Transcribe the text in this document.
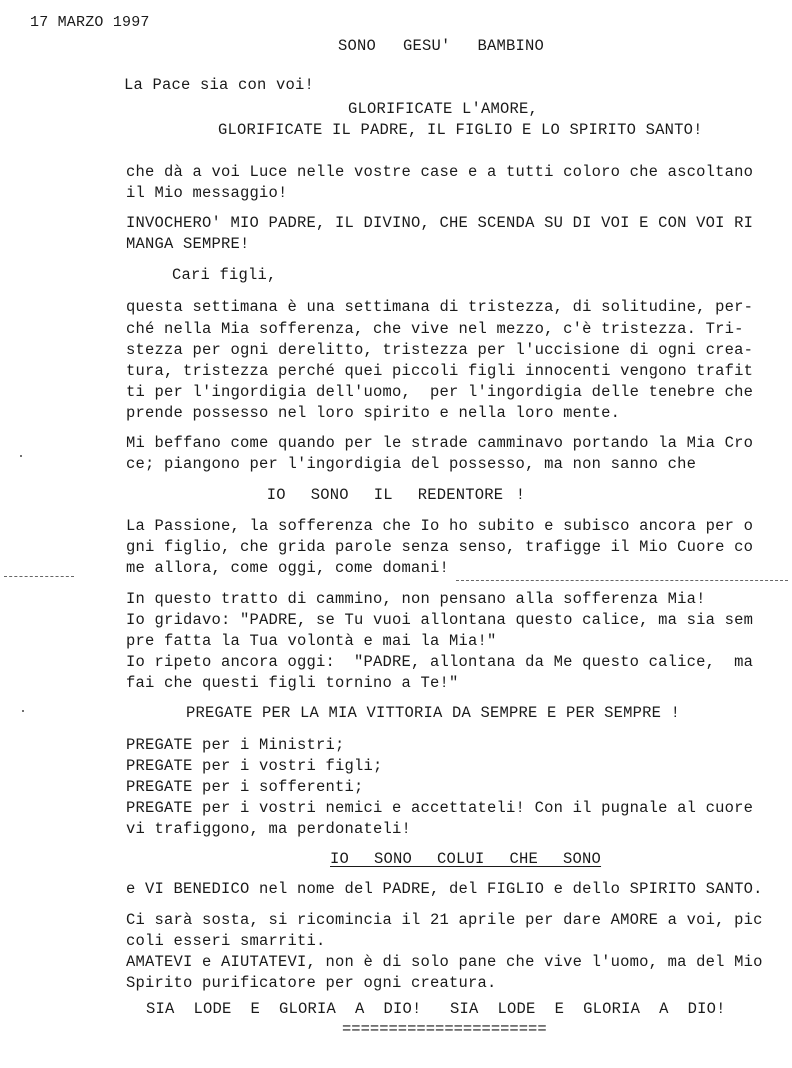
17 MARZO 1997
SONO  GESU'  BAMBINO
La Pace sia con voi!
GLORIFICATE L'AMORE,
GLORIFICATE IL PADRE, IL FIGLIO E LO SPIRITO SANTO!
che dà a voi Luce nelle vostre case e a tutti coloro che ascoltano
il Mio messaggio!
INVOCHERO' MIO PADRE, IL DIVINO, CHE SCENDA SU DI VOI E CON VOI RI
MANGA SEMPRE!
Cari figli,
questa settimana è una settimana di tristezza, di solitudine, per-
ché nella Mia sofferenza, che vive nel mezzo, c'è tristezza. Tri-
stezza per ogni derelitto, tristezza per l'uccisione di ogni crea-
tura, tristezza perché quei piccoli figli innocenti vengono trafit
ti per l'ingordigia dell'uomo,  per l'ingordigia delle tenebre che
prende possesso nel loro spirito e nella loro mente.
Mi beffano come quando per le strade camminavo portando la Mia Cro
ce; piangono per l'ingordigia del possesso, ma non sanno che
IO  SONO  IL  REDENTORE !
La Passione, la sofferenza che Io ho subito e subisco ancora per o
gni figlio, che grida parole senza senso, trafigge il Mio Cuore co
me allora, come oggi, come domani!
In questo tratto di cammino, non pensano alla sofferenza Mia!
Io gridavo: "PADRE, se Tu vuoi allontana questo calice, ma sia sem
pre fatta la Tua volontà e mai la Mia!"
Io ripeto ancora oggi:  "PADRE, allontana da Me questo calice,  ma
fai che questi figli tornino a Te!"
PREGATE PER LA MIA VITTORIA DA SEMPRE E PER SEMPRE !
PREGATE per i Ministri;
PREGATE per i vostri figli;
PREGATE per i sofferenti;
PREGATE per i vostri nemici e accettateli! Con il pugnale al cuore
vi trafiggono, ma perdonateli!
IO  SONO  COLUI  CHE  SONO
e VI BENEDICO nel nome del PADRE, del FIGLIO e dello SPIRITO SANTO.
Ci sarà sosta, si ricomincia il 21 aprile per dare AMORE a voi, pic
coli esseri smarriti.
AMATEVI e AIUTATEVI, non è di solo pane che vive l'uomo, ma del Mio
Spirito purificatore per ogni creatura.
SIA  LODE  E  GLORIA  A  DIO!   SIA  LODE  E  GLORIA  A  DIO!
======================
